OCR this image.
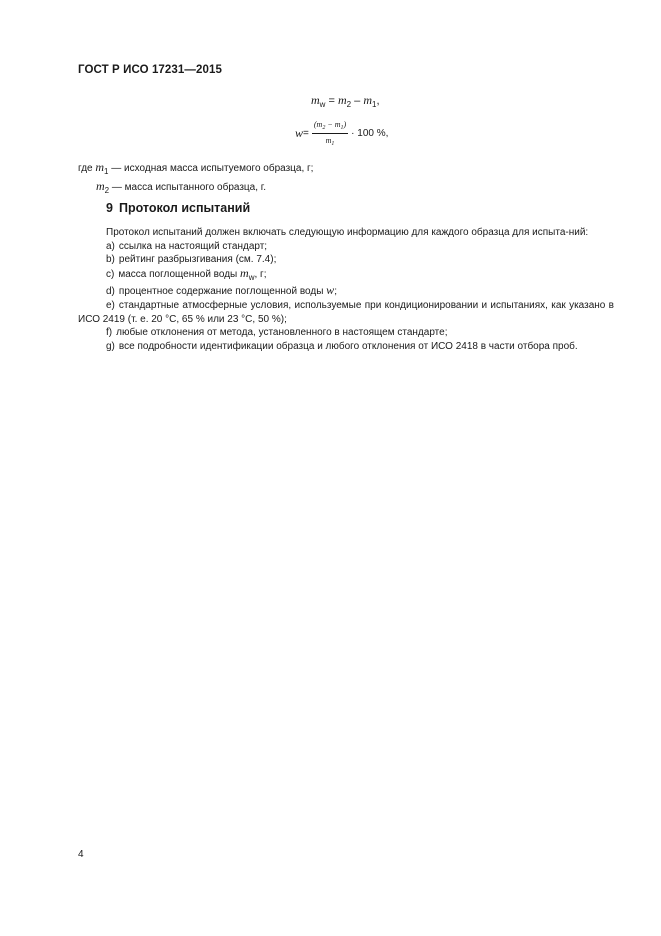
ГОСТ Р ИСО 17231—2015
$m_w = m_2 - m_1$,
$w = \frac{(m_2 - m_1)}{m_1} \cdot 100$ %,
где $m_1$ — исходная масса испытуемого образца, г;
$m_2$ — масса испытанного образца, г.
9 Протокол испытаний

Протокол испытаний должен включать следующую информацию для каждого образца для испыта-ний:

a) ссылка на настоящий стандарт;

b) рейтинг разбрызгивания (см. 7.4);

c) масса поглощенной воды $m_w$, г;

d) процентное содержание поглощенной воды w;

e) стандартные атмосферные условия, используемые при кондиционировании и испытаниях, как указано в ИСО 2419 (т. е. 20 °С, 65 % или 23 °С, 50 %);

f) любые отклонения от метода, установленного в настоящем стандарте;

g) все подробности идентификации образца и любого отклонения от ИСО 2418 в части отбора проб.

4
